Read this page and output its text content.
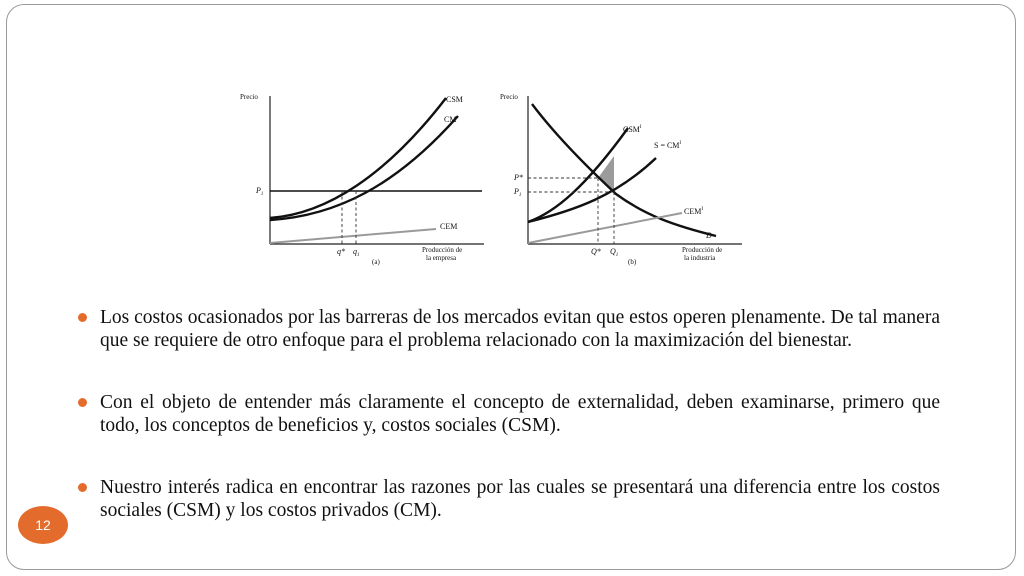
Precio
$P_1$
CSM
CM
CEM
q* $q_1$
(a)
Producción de
la empresa
Precio
$CSM^I$
$S = CM^I$
$CEM^I$
D
P*
$P_1$
Q* $Q_1$
(b)
Producción de
la industria
Los costos ocasionados por las barreras de los mercados evitan que estos operen plenamente. De tal manera que se requiere de otro enfoque para el problema relacionado con la maximización del bienestar.
Con el objeto de entender más claramente el concepto de externalidad, deben examinarse, primero que todo, los conceptos de beneficios y, costos sociales (CSM).
Nuestro interés radica en encontrar las razones por las cuales se presentará una diferencia entre los costos sociales (CSM) y los costos privados (CM).
12
